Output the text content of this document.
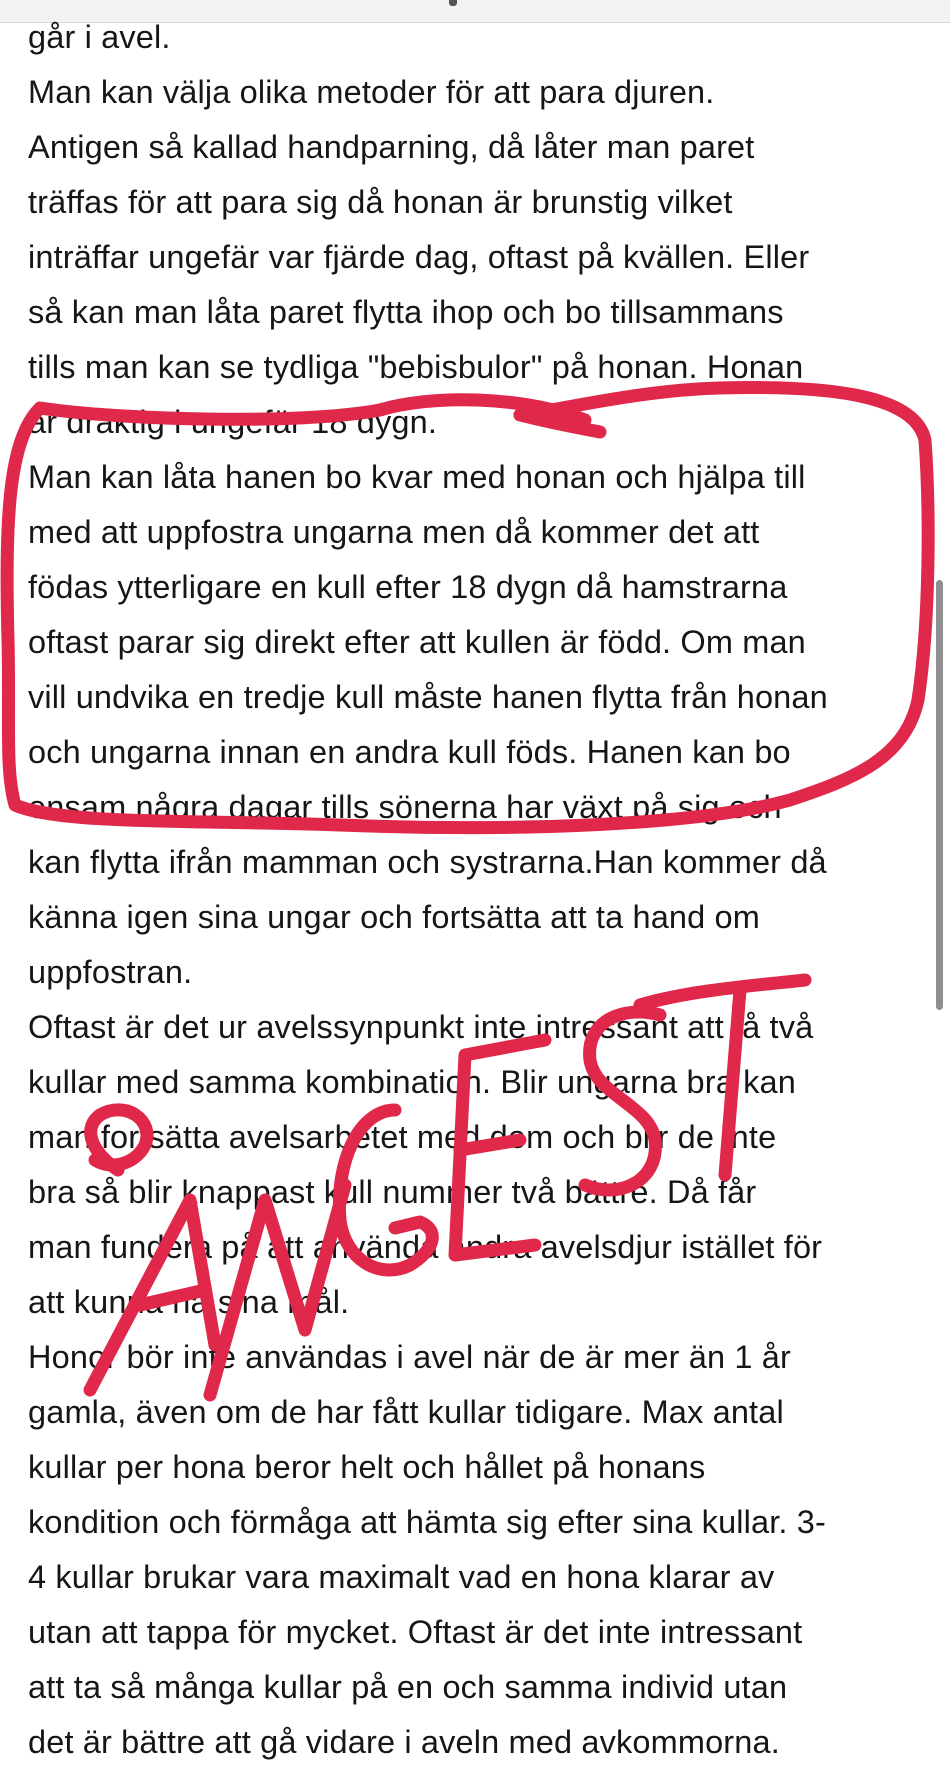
går i avel.
Man kan välja olika metoder för att para djuren.
Antigen så kallad handparning, då låter man paret
träffas för att para sig då honan är brunstig vilket
inträffar ungefär var fjärde dag, oftast på kvällen. Eller
så kan man låta paret flytta ihop och bo tillsammans
tills man kan se tydliga "bebisbulor" på honan. Honan
är dräktig i ungefär 18 dygn.
Man kan låta hanen bo kvar med honan och hjälpa till
med att uppfostra ungarna men då kommer det att
födas ytterligare en kull efter 18 dygn då hamstrarna
oftast parar sig direkt efter att kullen är född. Om man
vill undvika en tredje kull måste hanen flytta från honan
och ungarna innan en andra kull föds. Hanen kan bo
ensam några dagar tills sönerna har växt på sig och
kan flytta ifrån mamman och systrarna.Han kommer då
känna igen sina ungar och fortsätta att ta hand om
uppfostran.
Oftast är det ur avelssynpunkt inte intressant att få två
kullar med samma kombination. Blir ungarna bra kan
man fortsätta avelsarbetet med dem och blir de inte
bra så blir knappast kull nummer två bättre. Då får
man fundera på att använda andra avelsdjur istället för
att kunna nå sina mål.
Honor bör inte användas i avel när de är mer än 1 år
gamla, även om de har fått kullar tidigare. Max antal
kullar per hona beror helt och hållet på honans
kondition och förmåga att hämta sig efter sina kullar. 3-
4 kullar brukar vara maximalt vad en hona klarar av
utan att tappa för mycket. Oftast är det inte intressant
att ta så många kullar på en och samma individ utan
det är bättre att gå vidare i aveln med avkommorna.
